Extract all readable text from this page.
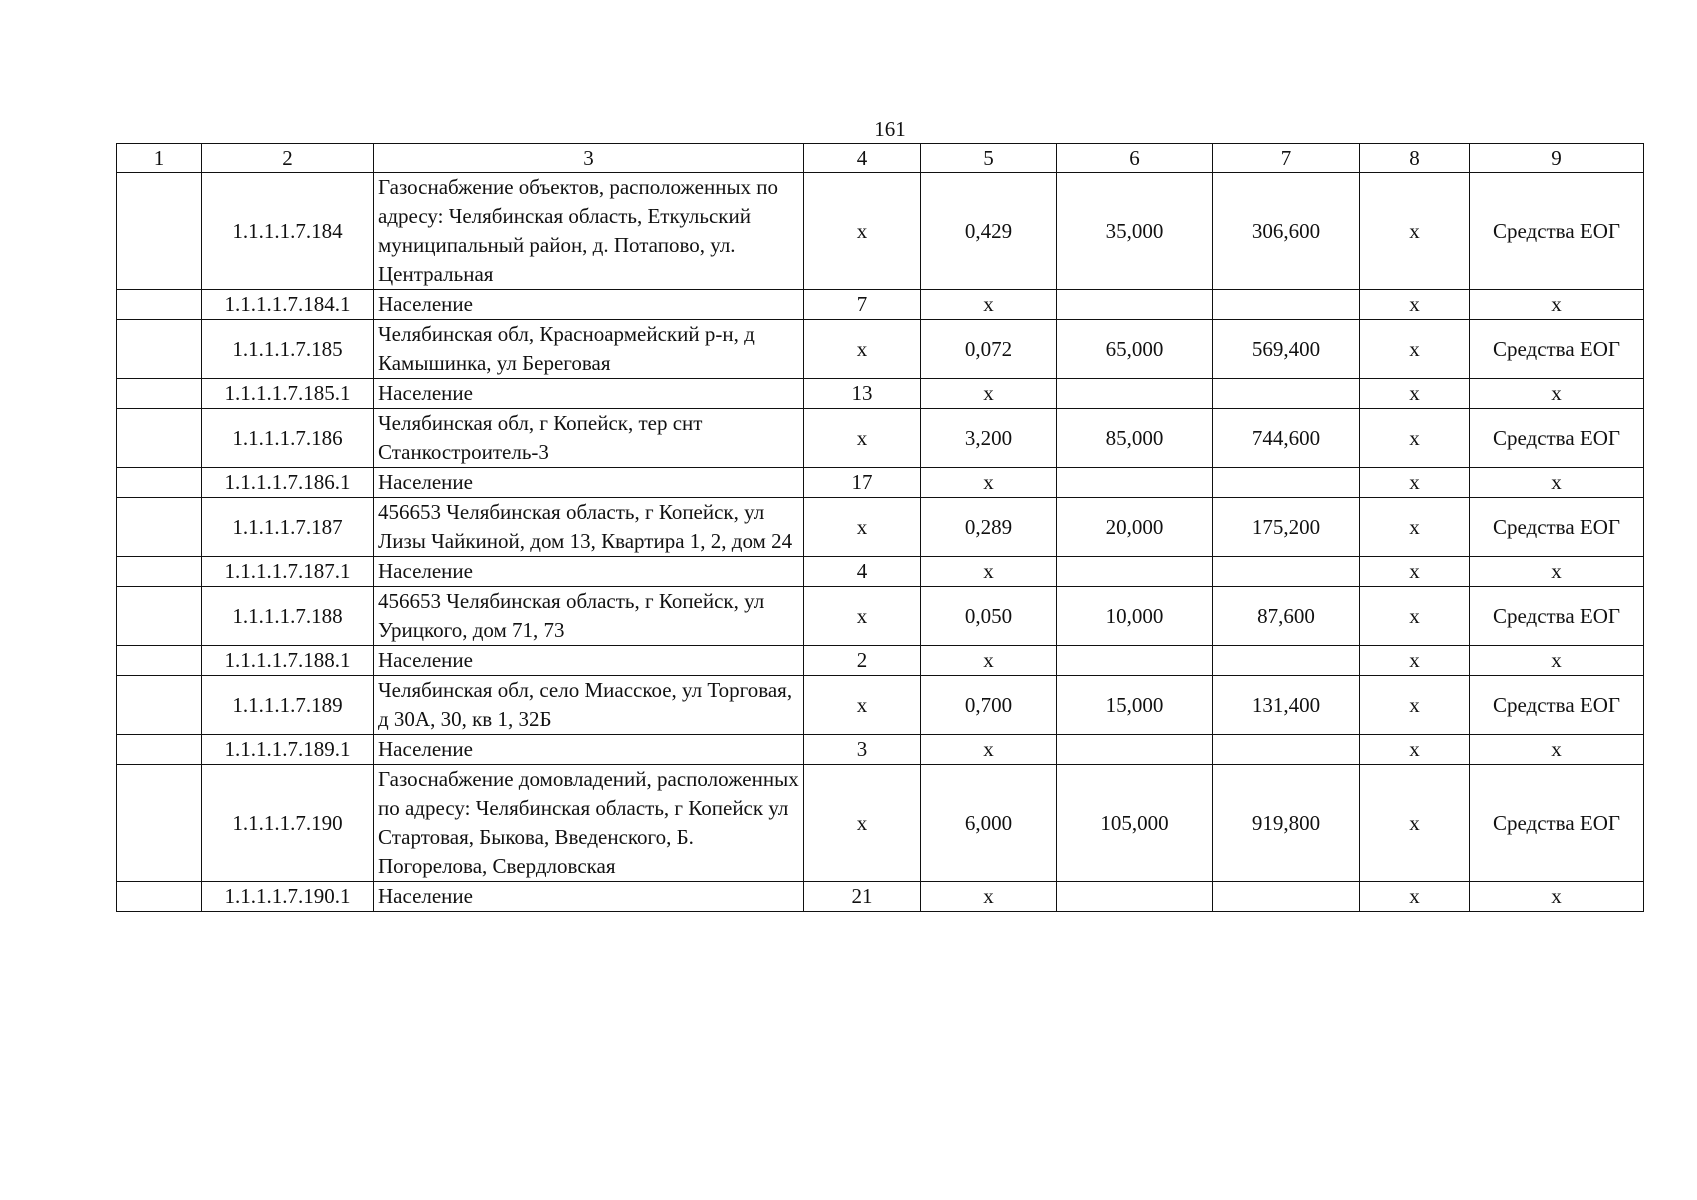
161
1	2	3	4	5	6	7	8	9
	1.1.1.1.7.184	Газоснабжение объектов, расположенных по адресу: Челябинская область, Еткульский муниципальный район, д. Потапово, ул. Центральная	х	0,429	35,000	306,600	х	Средства ЕОГ
	1.1.1.1.7.184.1	Население	7	х			х	х
	1.1.1.1.7.185	Челябинская обл, Красноармейский р-н, д Камышинка, ул Береговая	х	0,072	65,000	569,400	х	Средства ЕОГ
	1.1.1.1.7.185.1	Население	13	х			х	х
	1.1.1.1.7.186	Челябинская обл, г Копейск, тер снт Станкостроитель-3	х	3,200	85,000	744,600	х	Средства ЕОГ
	1.1.1.1.7.186.1	Население	17	х			х	х
	1.1.1.1.7.187	456653 Челябинская область, г Копейск, ул Лизы Чайкиной, дом 13, Квартира 1, 2, дом 24	х	0,289	20,000	175,200	х	Средства ЕОГ
	1.1.1.1.7.187.1	Население	4	х			х	х
	1.1.1.1.7.188	456653 Челябинская область, г Копейск, ул Урицкого, дом 71, 73	х	0,050	10,000	87,600	х	Средства ЕОГ
	1.1.1.1.7.188.1	Население	2	х			х	х
	1.1.1.1.7.189	Челябинская обл, село Миасское, ул Торговая, д 30А, 30, кв 1, 32Б	х	0,700	15,000	131,400	х	Средства ЕОГ
	1.1.1.1.7.189.1	Население	3	х			х	х
	1.1.1.1.7.190	Газоснабжение домовладений, расположенных по адресу: Челябинская область, г Копейск ул Стартовая, Быкова, Введенского, Б. Погорелова, Свердловская	х	6,000	105,000	919,800	х	Средства ЕОГ
	1.1.1.1.7.190.1	Население	21	х			х	х
